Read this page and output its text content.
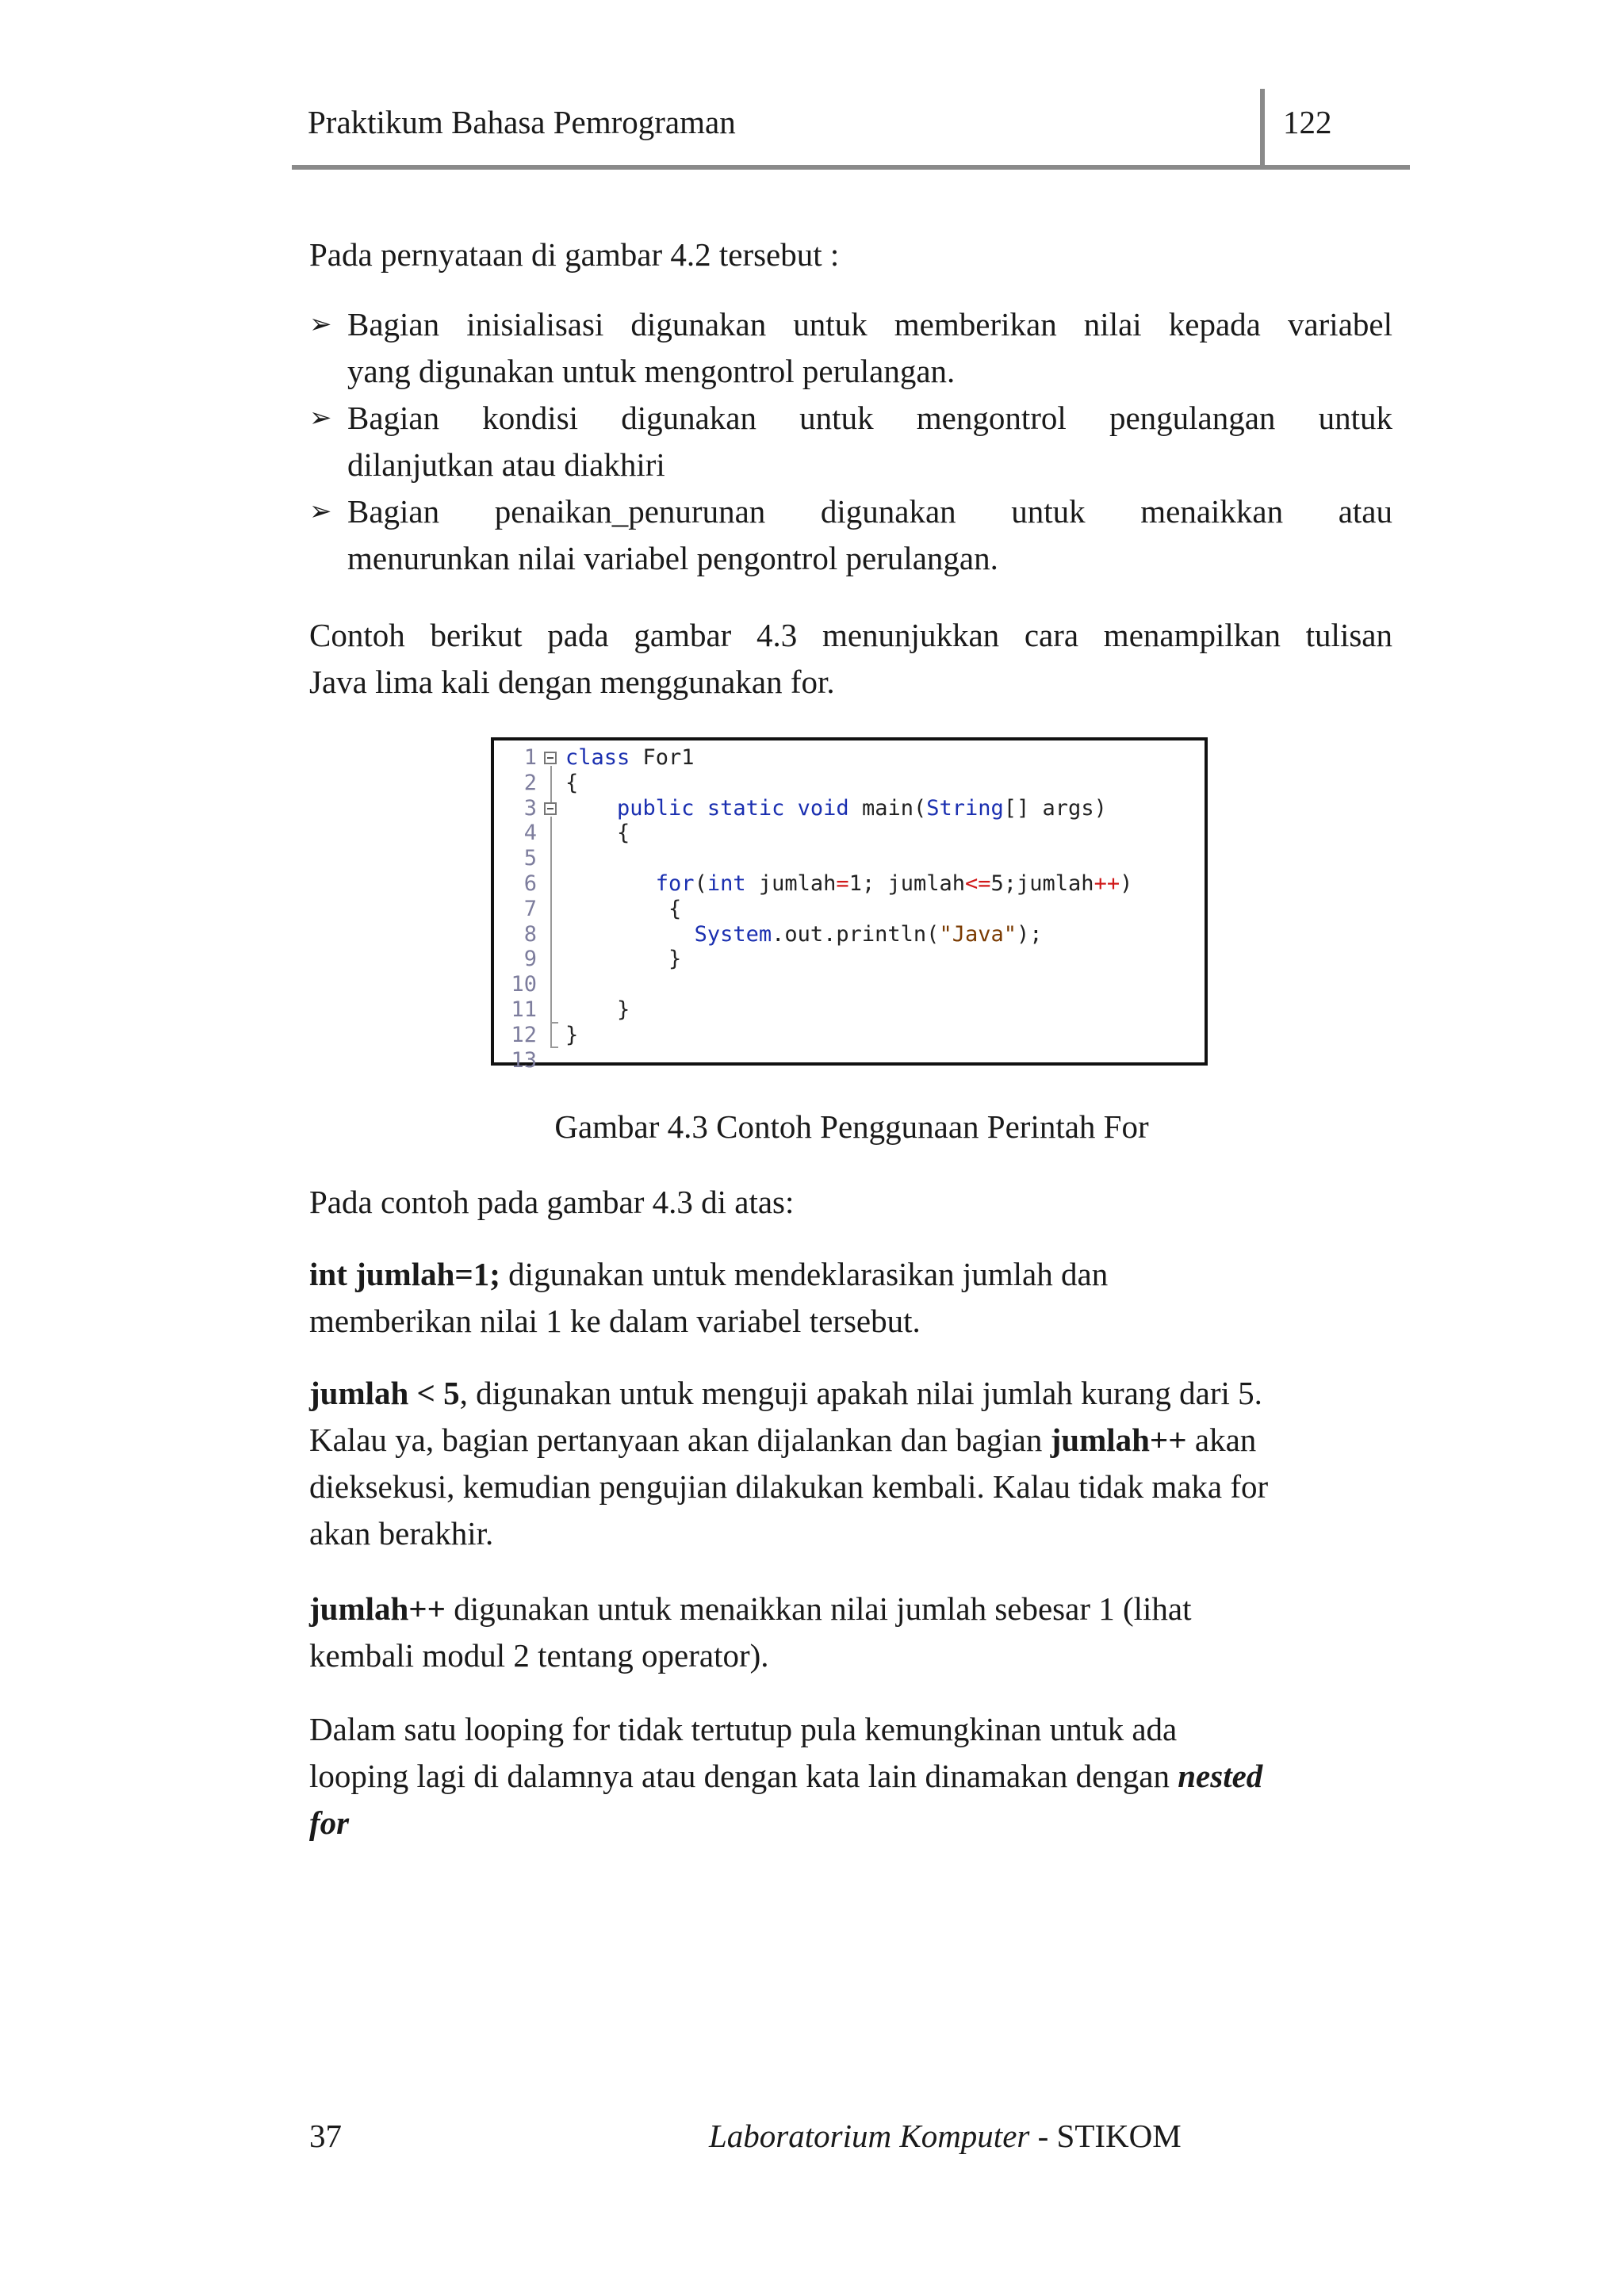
Praktikum Bahasa Pemrograman	122

Pada pernyataan di gambar 4.2 tersebut :

➢ Bagian inisialisasi digunakan untuk memberikan nilai kepada variabel
yang digunakan untuk mengontrol perulangan.
➢ Bagian kondisi digunakan untuk mengontrol pengulangan untuk
dilanjutkan atau diakhiri
➢ Bagian penaikan_penurunan digunakan untuk menaikkan atau
menurunkan nilai variabel pengontrol perulangan.
Contoh berikut pada gambar 4.3 menunjukkan cara menampilkan tulisan
Java lima kali dengan menggunakan for.
Pada contoh pada gambar 4.3 di atas:
int jumlah=1; digunakan untuk mendeklarasikan jumlah dan
memberikan nilai 1 ke dalam variabel tersebut.
jumlah < 5, digunakan untuk menguji apakah nilai jumlah kurang dari 5.
Kalau ya, bagian pertanyaan akan dijalankan dan bagian jumlah++ akan
dieksekusi, kemudian pengujian dilakukan kembali. Kalau tidak maka for
akan berakhir.
jumlah++ digunakan untuk menaikkan nilai jumlah sebesar 1 (lihat
kembali modul 2 tentang operator).
Dalam satu looping for tidak tertutup pula kemungkinan untuk ada
looping lagi di dalamnya atau dengan kata lain dinamakan dengan nested
for
1
2
3
4
5
6
7
8
9
10
11
12
13
class For1
{
public static void main(String[] args)
{

for(int jumlah=1; jumlah<=5;jumlah++)
{
System.out.println("Java");
}

}
}

Gambar 4.3 Contoh Penggunaan Perintah For
37	Laboratorium Komputer - STIKOM
